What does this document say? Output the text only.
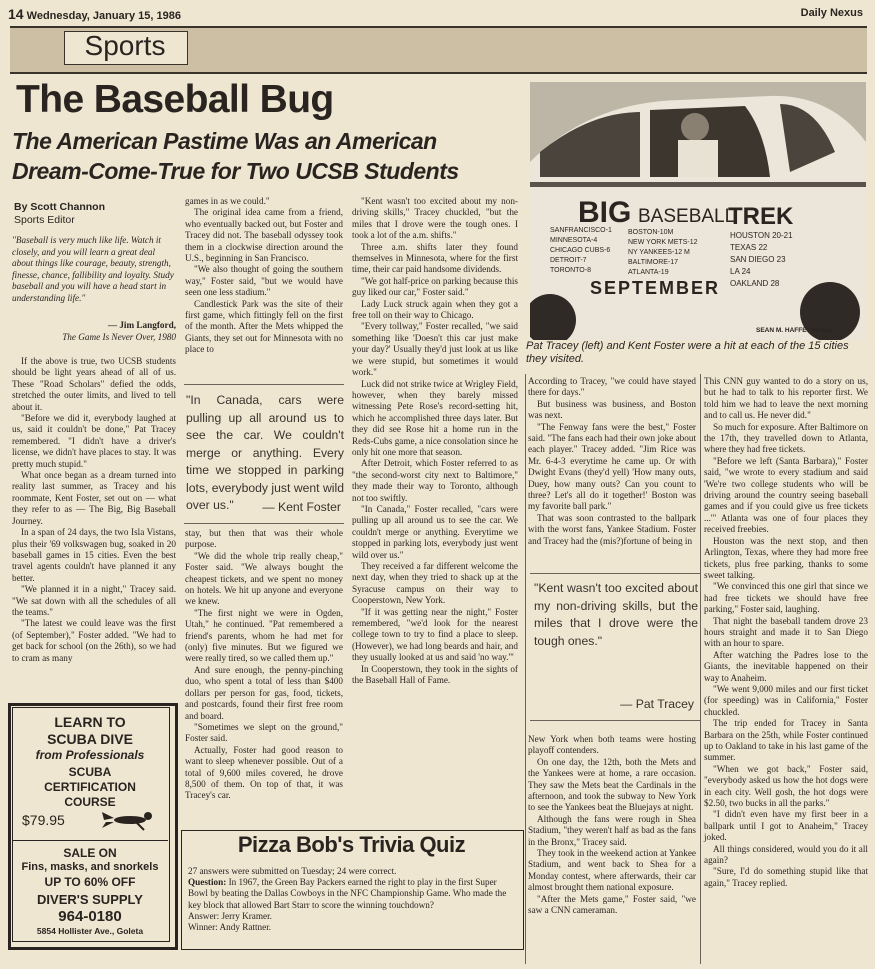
14 Wednesday, January 15, 1986	Daily Nexus
Sports
The Baseball Bug
The American Pastime Was an American
Dream-Come-True for Two UCSB Students
By Scott Channon
Sports Editor
"Baseball is very much like life. Watch it closely, and you will learn a great deal about things like courage, beauty, strength, finesse, chance, fallibility and loyalty. Study baseball and you will have a head start in understanding life."
— Jim Langford,
The Game Is Never Over, 1980

If the above is true, two UCSB students should be light years ahead of all of us. These "Road Scholars" defied the odds, stretched the outer limits, and lived to tell about it.

"Before we did it, everybody laughed at us, said it couldn't be done," Pat Tracey remembered. "I didn't have a driver's license, we didn't have places to stay. It was pretty much stupid."

What once began as a dream turned into reality last summer, as Tracey and his roommate, Kent Foster, set out on — what they refer to as — The Big, Big Baseball Journey.

In a span of 24 days, the two Isla Vistans, plus their '69 volkswagen bug, soaked in 20 baseball games in 15 cities. Even the best travel agents couldn't have planned it any better.

"We planned it in a night," Tracey said. "We sat down with all the schedules of all the teams."

"The latest we could leave was the first (of September)," Foster added. "We had to get back for school (on the 26th), so we had to cram as many

games in as we could."

The original idea came from a friend, who eventually backed out, but Foster and Tracey did not. The baseball odyssey took them in a clockwise direction around the U.S., beginning in San Francisco.

"We also thought of going the southern way," Foster said, "but we would have seen one less stadium."

Candlestick Park was the site of their first game, which fittingly fell on the first of the month. After the Mets whipped the Giants, they set out for Minnesota with no place to

"In Canada, cars were pulling up all around us to see the car. We couldn't merge or anything. Every time we stopped in parking lots, everybody just went wild over us."	— Kent Foster

stay, but then that was their whole purpose.

"We did the whole trip really cheap," Foster said. "We always bought the cheapest tickets, and we spent no money on hotels. We hit up anyone and everyone we knew.

"The first night we were in Ogden, Utah," he continued. "Pat remembered a friend's parents, whom he had met for (only) five minutes. But we figured we were really tired, so we called them up."

And sure enough, the penny-pinching duo, who spent a total of less than $400 dollars per person for gas, food, tickets, and postcards, found their first free room and board.

"Sometimes we slept on the ground," Foster said.

Actually, Foster had good reason to want to sleep whenever possible. Out of a total of 9,600 miles covered, he drove 8,500 of them. On top of that, it was Tracey's car.

"Kent wasn't too excited about my non-driving skills," Tracey chuckled, "but the miles that I drove were the tough ones. I took a lot of the a.m. shifts."

Three a.m. shifts later they found themselves in Minnesota, where for the first time, their car paid handsome dividends.

"We got half-price on parking because this guy liked our car," Foster said."

Lady Luck struck again when they got a free toll on their way to Chicago.

"Every tollway," Foster recalled, "we said something like 'Doesn't this car just make your day?' Usually they'd just look at us like we were stupid, but sometimes it would work."

Luck did not strike twice at Wrigley Field, however, when they barely missed witnessing Pete Rose's record-setting hit, which he accomplished three days later. But they did see Rose hit a home run in the Reds-Cubs game, a nice consolation since he only hit one more that season.

After Detroit, which Foster referred to as "the second-worst city next to Baltimore," they made their way to Toronto, although not too swiftly.

"In Canada," Foster recalled, "cars were pulling up all around us to see the car. We couldn't merge or anything. Everytime we stopped in parking lots, everybody just went wild over us."

They received a far different welcome the next day, when they tried to shack up at the Syracuse campus on their way to Cooperstown, New York.

"If it was getting near the night," Foster remembered, "we'd look for the nearest college town to try to find a place to sleep. (However), we had long beards and hair, and they usually looked at us and said 'no way.'"

In Cooperstown, they took in the sights of the Baseball Hall of Fame.

BIG BASEBALL
TREK
SANFRANCISCO-1
MINNESOTA-4
CHICAGO CUBS-6
DETROIT-7
TORONTO-8
BOSTON-10M
NEW YORK METS-12
NY YANKEES-12 M
BALTIMORE-17
ATLANTA-19
HOUSTON 20-21
TEXAS 22
SAN DIEGO 23
LA 24
OAKLAND 28
SEPTEMBER
SEAN M. HAFFEY/Nexus
Pat Tracey (left) and Kent Foster were a hit at each of the 15 cities they visited.

According to Tracey, "we could have stayed there for days."

But business was business, and Boston was next.

"The Fenway fans were the best," Foster said. "The fans each had their own joke about each player." Tracey added. "Jim Rice was Mr. 6-4-3 everytime he came up. Or with Dwight Evans (they'd yell) 'How many outs, Duey, how many outs? Can you count to three? Let's all do it together!' Boston was my favorite ball park."

That was soon contrasted to the ballpark with the worst fans, Yankee Stadium. Foster and Tracey had the (mis?)fortune of being in

"Kent wasn't too excited about my non-driving skills, but the miles that I drove were the tough ones."
— Pat Tracey

New York when both teams were hosting playoff contenders.

On one day, the 12th, both the Mets and the Yankees were at home, a rare occasion. They saw the Mets beat the Cardinals in the afternoon, and took the subway to New York to see the Yankees beat the Bluejays at night.

Although the fans were rough in Shea Stadium, "they weren't half as bad as the fans in the Bronx," Tracey said.

They took in the weekend action at Yankee Stadium, and went back to Shea for a Monday contest, where afterwards, their car almost brought them national exposure.

"After the Mets game," Foster said, "we saw a CNN cameraman.

This CNN guy wanted to do a story on us, but he had to talk to his reporter first. We told him we had to leave the next morning and to call us. He never did."

So much for exposure. After Baltimore on the 17th, they travelled down to Atlanta, where they had free tickets.

"Before we left (Santa Barbara)," Foster said, "we wrote to every stadium and said 'We're two college students who will be driving around the country seeing baseball games and if you could give us free tickets ...'" Atlanta was one of four places they received freebies.

Houston was the next stop, and then Arlington, Texas, where they had more free tickets, plus free parking, thanks to some sweet talking.

"We convinced this one girl that since we had free tickets we should have free parking," Foster said, laughing.

That night the baseball tandem drove 23 hours straight and made it to San Diego with an hour to spare.

After watching the Padres lose to the Giants, the inevitable happened on their way to Anaheim.

"We went 9,000 miles and our first ticket (for speeding) was in California," Foster chuckled.

The trip ended for Tracey in Santa Barbara on the 25th, while Foster continued up to Oakland to take in his last game of the summer.

"When we got back," Foster said, "everybody asked us how the hot dogs were in each city. Well gosh, the hot dogs were $2.50, two bucks in all the parks."

"I didn't even have my first beer in a ballpark until I got to Anaheim," Tracey joked.

All things considered, would you do it all again?

"Sure, I'd do something stupid like that again," Tracey replied.

LEARN TO
SCUBA DIVE
from Professionals
SCUBA
CERTIFICATION
COURSE
$79.95
SALE ON
Fins, masks, and snorkels
UP TO 60% OFF
DIVER'S SUPPLY
964-0180
5854 Hollister Ave., Goleta
Pizza Bob's Trivia Quiz
27 answers were submitted on Tuesday; 24 were correct.
Question: In 1967, the Green Bay Packers earned the right to play in the first Super Bowl by beating the Dallas Cowboys in the NFC Championship Game. Who made the key block that allowed Bart Starr to score the winning touchdown?
Answer: Jerry Kramer.
Winner: Andy Rattner.
